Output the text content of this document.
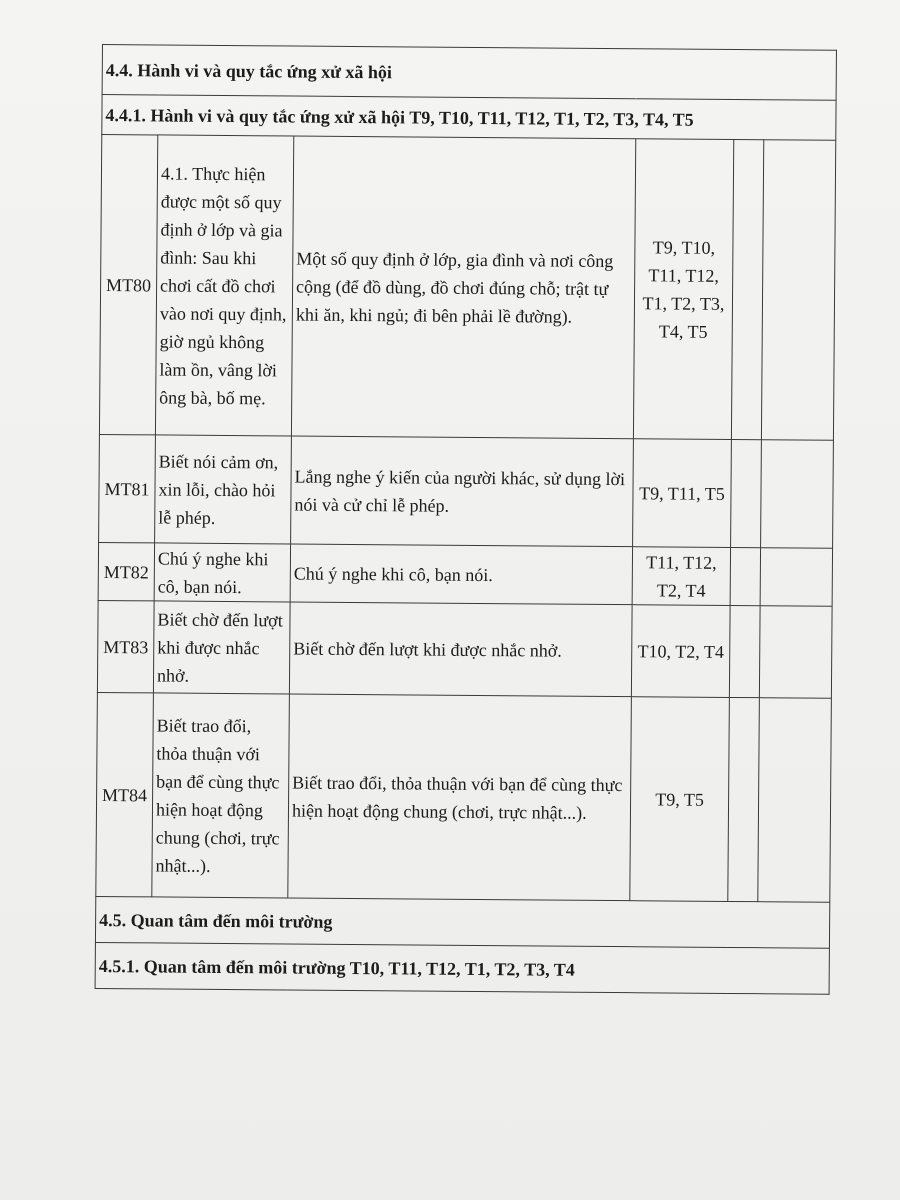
4.4. Hành vi và quy tắc ứng xử xã hội					
4.4.1. Hành vi và quy tắc ứng xử xã hội T9, T10, T11, T12, T1, T2, T3, T4, T5					
MT80	4.1. Thực hiện được một số quy định ở lớp và gia đình: Sau khi chơi cất đồ chơi vào nơi quy định, giờ ngủ không làm ồn, vâng lời ông bà, bố mẹ.	Một số quy định ở lớp, gia đình và nơi công cộng (để đồ dùng, đồ chơi đúng chỗ; trật tự khi ăn, khi ngủ; đi bên phải lề đường).	T9, T10, T11, T12, T1, T2, T3, T4, T5		
MT81	Biết nói cảm ơn, xin lỗi, chào hỏi lễ phép.	Lắng nghe ý kiến của người khác, sử dụng lời nói và cử chỉ lễ phép.	T9, T11, T5		
MT82	Chú ý nghe khi cô, bạn nói.	Chú ý nghe khi cô, bạn nói.	T11, T12, T2, T4		
MT83	Biết chờ đến lượt khi được nhắc nhở.	Biết chờ đến lượt khi được nhắc nhở.	T10, T2, T4		
MT84	Biết trao đổi, thỏa thuận với bạn để cùng thực hiện hoạt động chung (chơi, trực nhật...).	Biết trao đổi, thỏa thuận với bạn để cùng thực hiện hoạt động chung (chơi, trực nhật...).	T9, T5		
4.5. Quan tâm đến môi trường					
4.5.1. Quan tâm đến môi trường T10, T11, T12, T1, T2, T3, T4					
